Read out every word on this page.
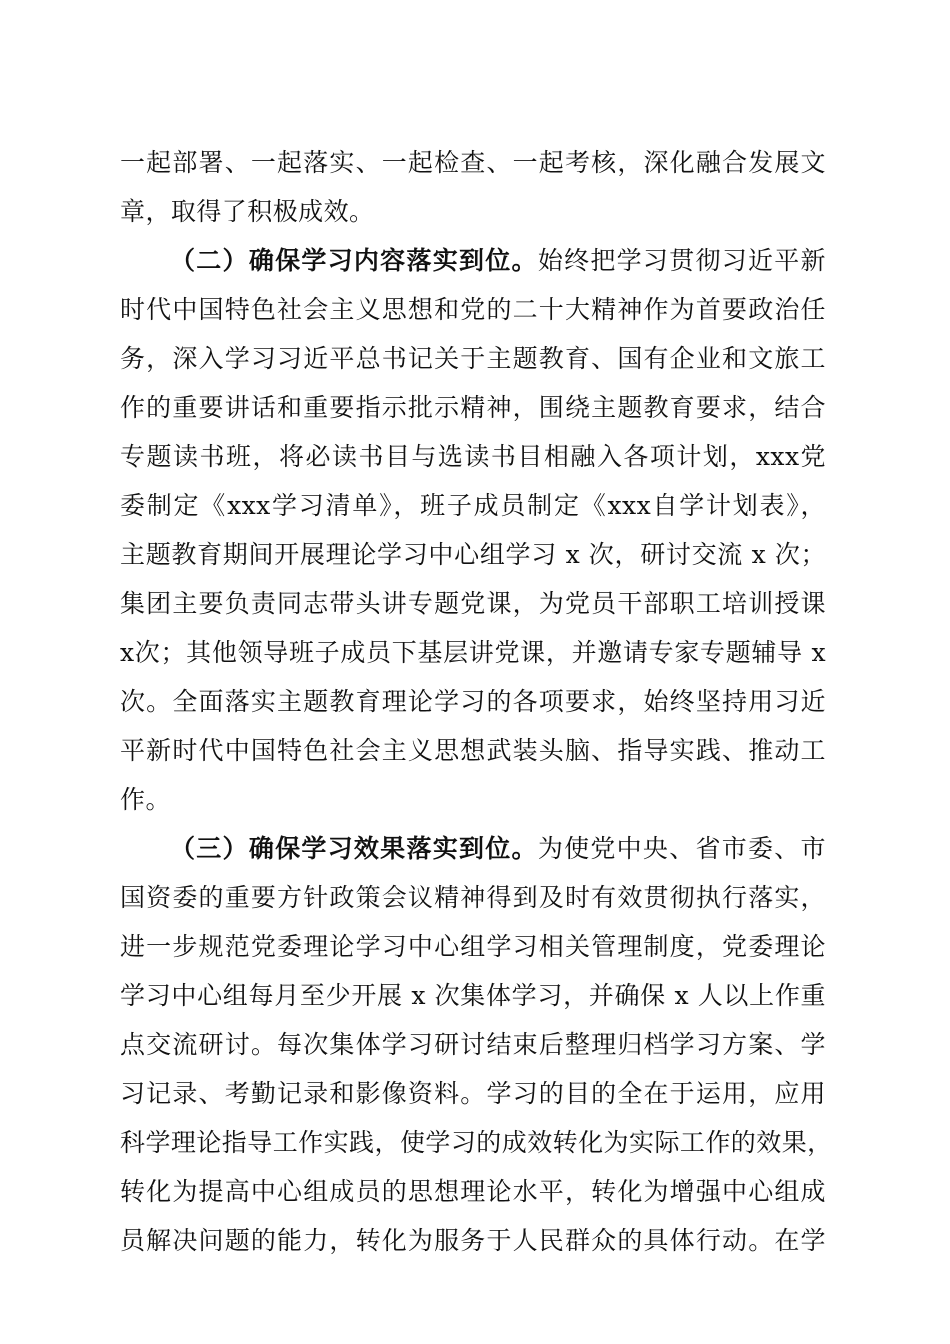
一起部署、一起落实、一起检查、一起考核，深化融合发展文
章，取得了积极成效。
（二）确保学习内容落实到位。始终把学习贯彻习近平新
时代中国特色社会主义思想和党的二十大精神作为首要政治任
务，深入学习习近平总书记关于主题教育、国有企业和文旅工
作的重要讲话和重要指示批示精神，围绕主题教育要求，结合
专题读书班，将必读书目与选读书目相融入各项计划，xxx党
委制定《xxx学习清单》，班子成员制定《xxx自学计划表》，
主题教育期间开展理论学习中心组学习 x 次，研讨交流 x 次；
集团主要负责同志带头讲专题党课，为党员干部职工培训授课
x次；其他领导班子成员下基层讲党课，并邀请专家专题辅导 x
次。全面落实主题教育理论学习的各项要求，始终坚持用习近
平新时代中国特色社会主义思想武装头脑、指导实践、推动工
作。
（三）确保学习效果落实到位。为使党中央、省市委、市
国资委的重要方针政策会议精神得到及时有效贯彻执行落实，
进一步规范党委理论学习中心组学习相关管理制度，党委理论
学习中心组每月至少开展 x 次集体学习，并确保 x 人以上作重
点交流研讨。每次集体学习研讨结束后整理归档学习方案、学
习记录、考勤记录和影像资料。学习的目的全在于运用，应用
科学理论指导工作实践，使学习的成效转化为实际工作的效果，
转化为提高中心组成员的思想理论水平，转化为增强中心组成
员解决问题的能力，转化为服务于人民群众的具体行动。在学
